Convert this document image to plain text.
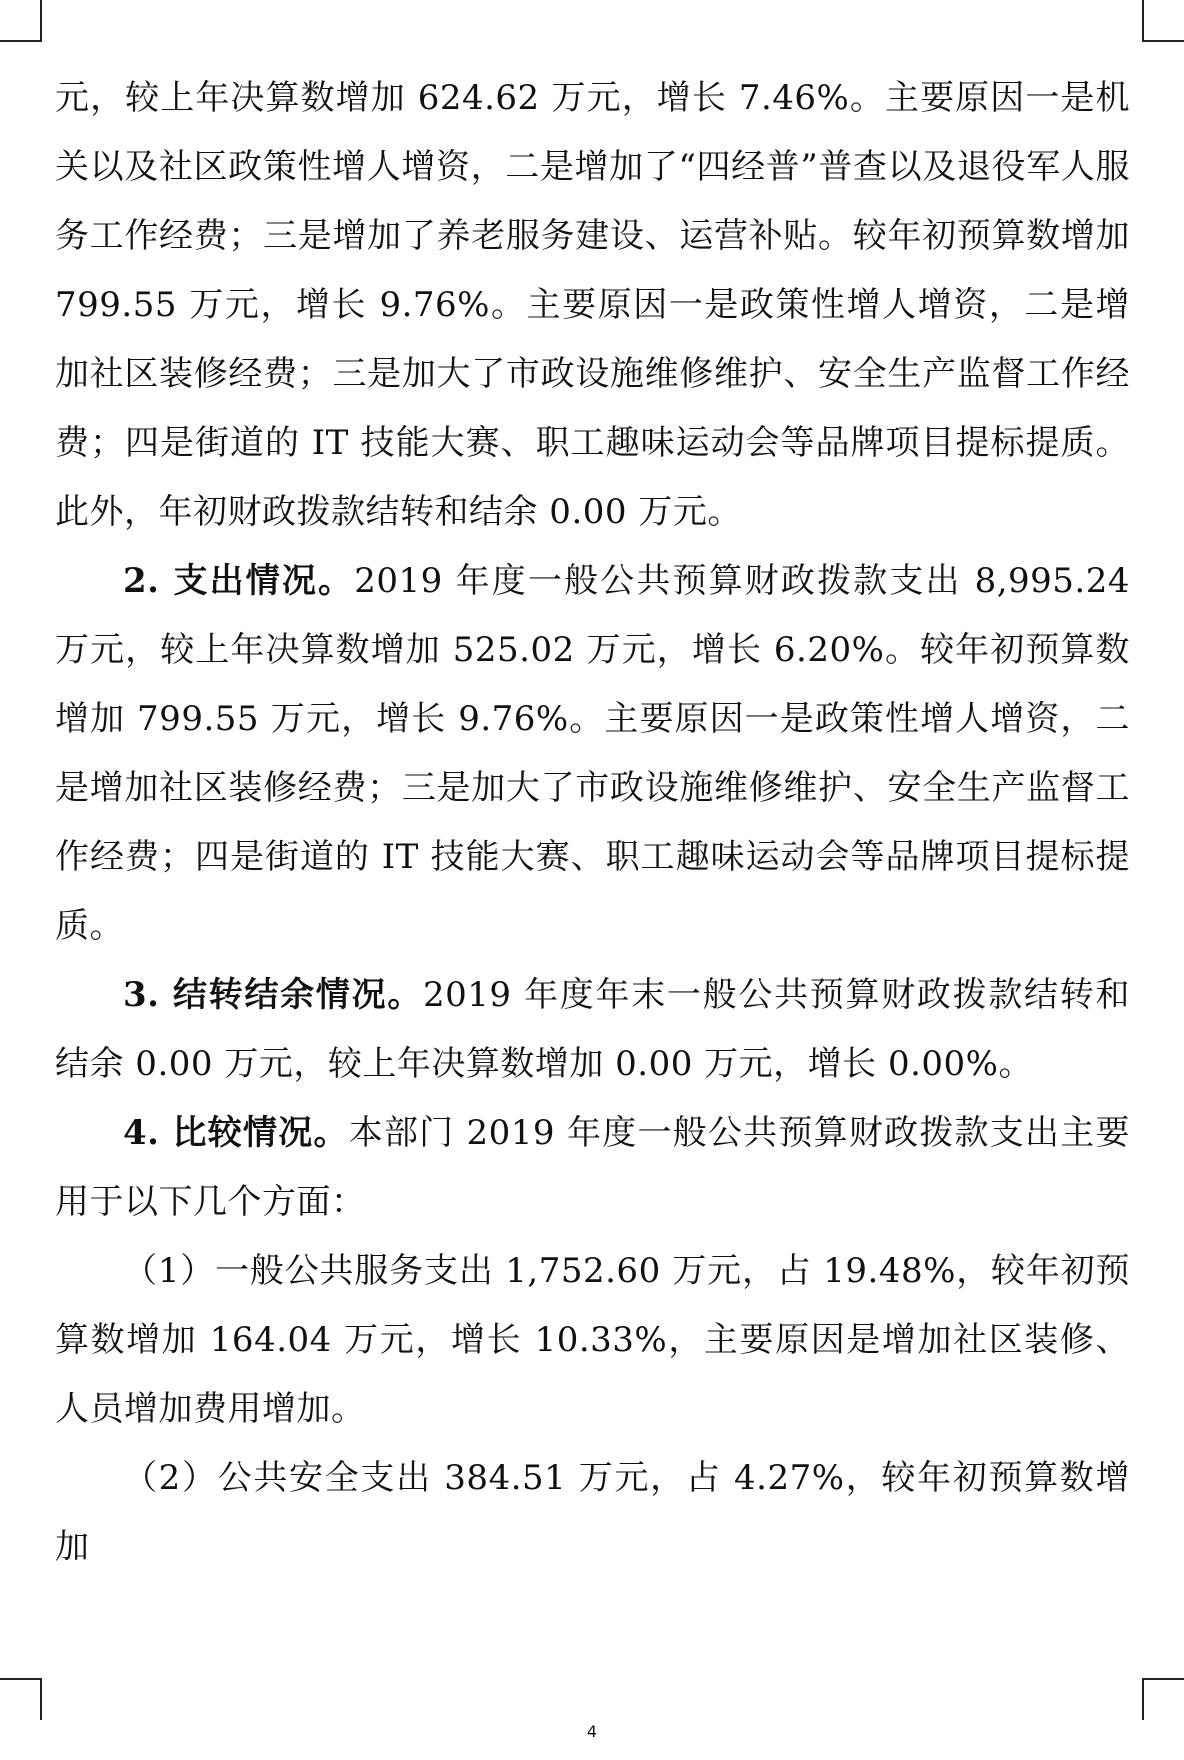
元，较上年决算数增加 624.62 万元，增长 7.46%。主要原因一是机关以及社区政策性增人增资，二是增加了“四经普”普查以及退役军人服务工作经费；三是增加了养老服务建设、运营补贴。较年初预算数增加 799.55 万元，增长 9.76%。主要原因一是政策性增人增资，二是增加社区装修经费；三是加大了市政设施维修维护、安全生产监督工作经费；四是街道的 IT 技能大赛、职工趣味运动会等品牌项目提标提质。此外，年初财政拨款结转和结余 0.00 万元。

2. 支出情况。2019 年度一般公共预算财政拨款支出 8,995.24 万元，较上年决算数增加 525.02 万元，增长 6.20%。较年初预算数增加 799.55 万元，增长 9.76%。主要原因一是政策性增人增资，二是增加社区装修经费；三是加大了市政设施维修维护、安全生产监督工作经费；四是街道的 IT 技能大赛、职工趣味运动会等品牌项目提标提质。

3. 结转结余情况。2019 年度年末一般公共预算财政拨款结转和结余 0.00 万元，较上年决算数增加 0.00 万元，增长 0.00%。

4. 比较情况。本部门 2019 年度一般公共预算财政拨款支出主要用于以下几个方面：

（1）一般公共服务支出 1,752.60 万元，占 19.48%，较年初预算数增加 164.04 万元，增长 10.33%，主要原因是增加社区装修、人员增加费用增加。

（2）公共安全支出 384.51 万元，占 4.27%，较年初预算数增加

4
